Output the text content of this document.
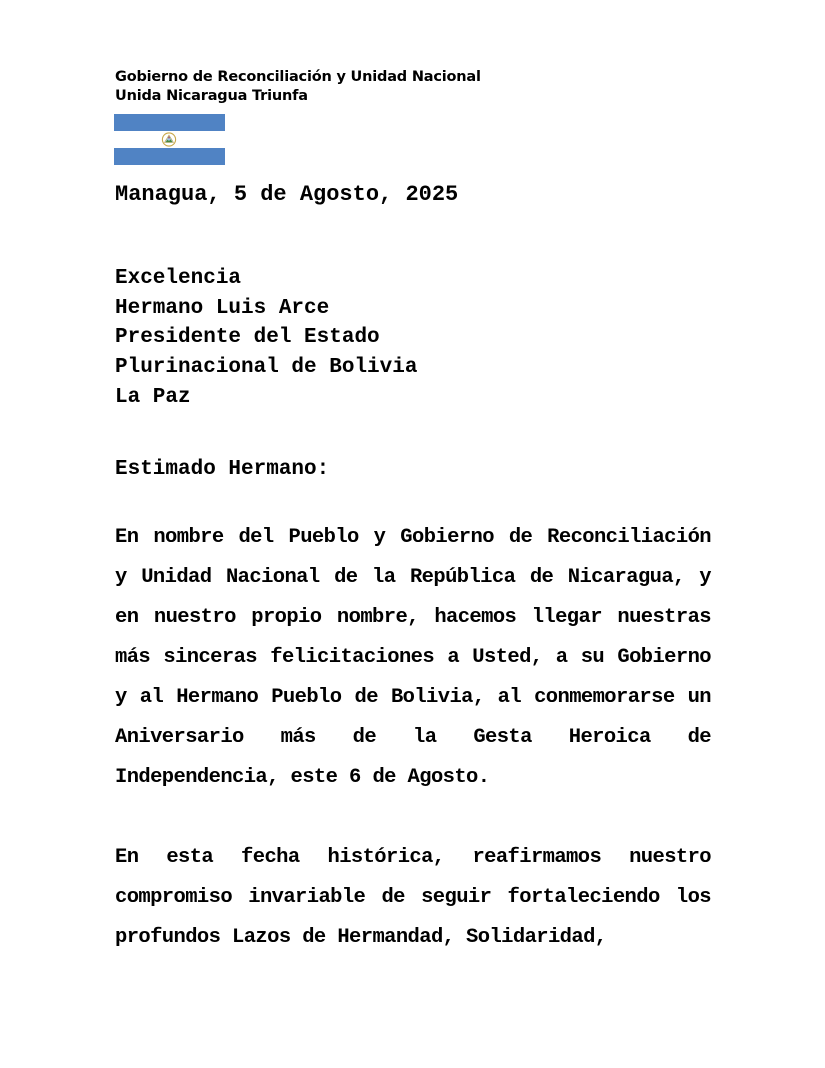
Gobierno de Reconciliación y Unidad Nacional
Unida Nicaragua Triunfa
Managua, 5 de Agosto, 2025
Excelencia
Hermano Luis Arce
Presidente del Estado
Plurinacional de Bolivia
La Paz
Estimado Hermano:

En nombre del Pueblo y Gobierno de Reconciliación y Unidad Nacional de la República de Nicaragua, y en nuestro propio nombre, hacemos llegar nuestras más sinceras felicitaciones a Usted, a su Gobierno y al Hermano Pueblo de Bolivia, al conmemorarse un Aniversario más de la Gesta Heroica de Independencia, este 6 de Agosto.

En esta fecha histórica, reafirmamos nuestro compromiso invariable de seguir fortaleciendo los profundos Lazos de Hermandad, Solidaridad,
